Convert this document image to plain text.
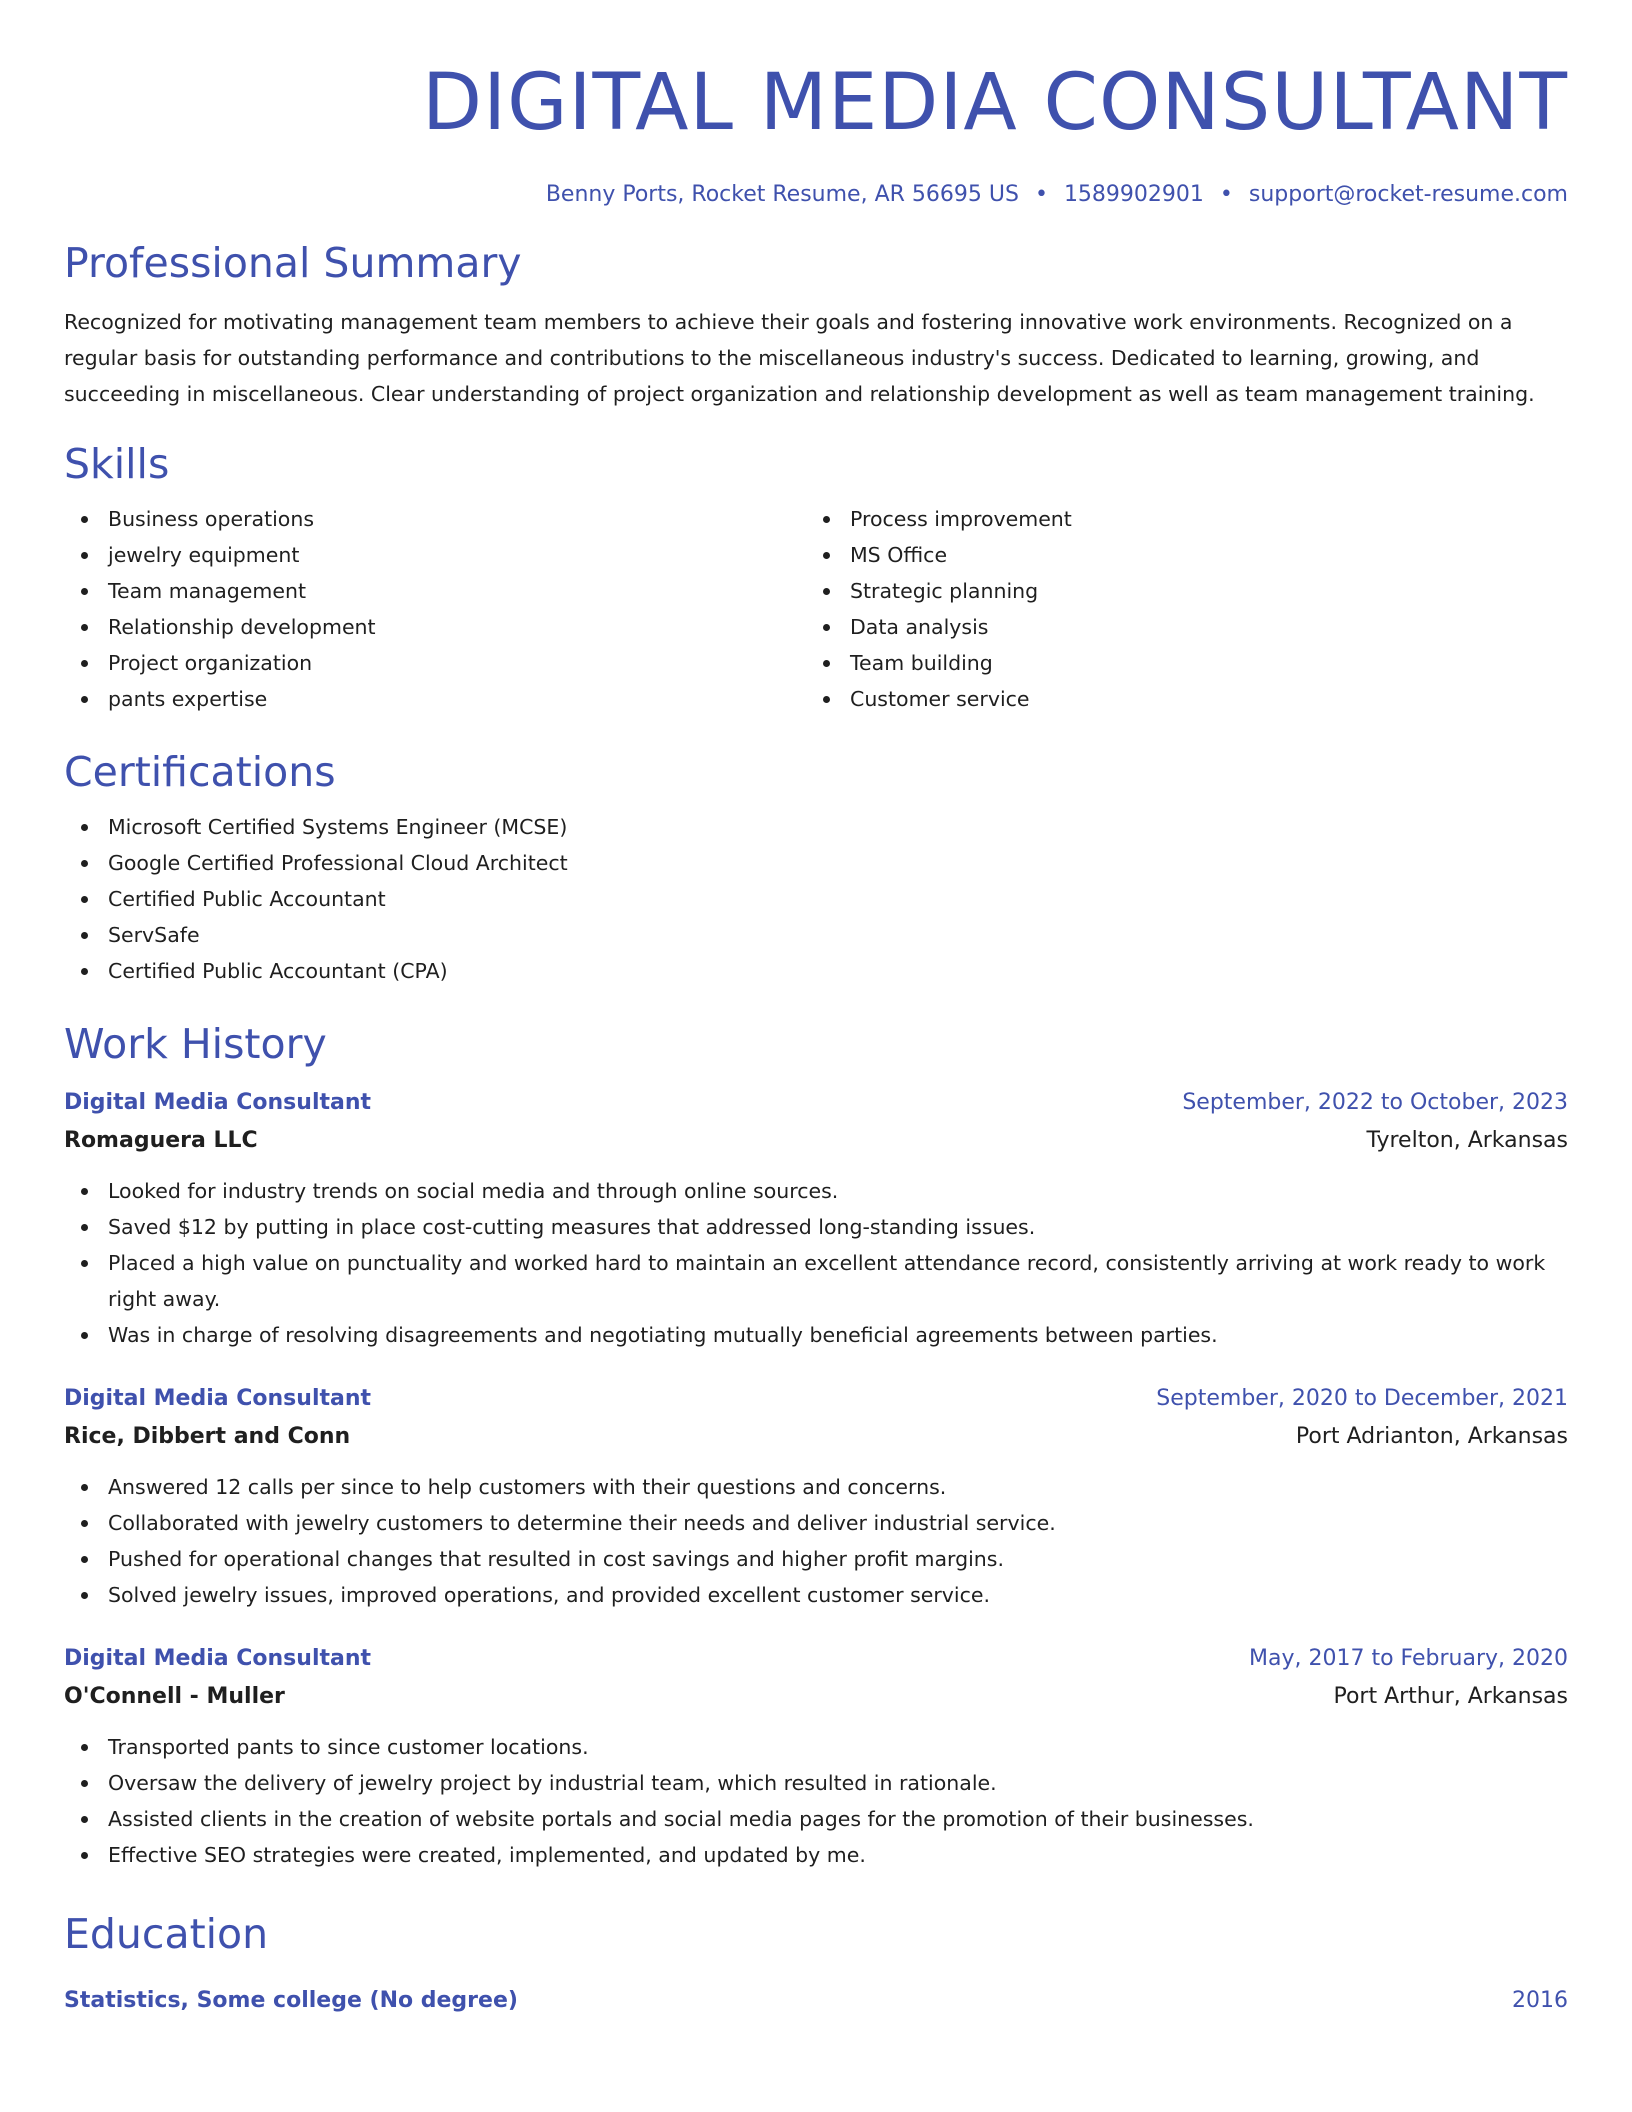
DIGITAL MEDIA CONSULTANT
Benny Ports, Rocket Resume, AR 56695 US • 1589902901 • support@rocket-resume.com
Professional Summary

Recognized for motivating management team members to achieve their goals and fostering innovative work environments. Recognized on a regular basis for outstanding performance and contributions to the miscellaneous industry's success. Dedicated to learning, growing, and succeeding in miscellaneous. Clear understanding of project organization and relationship development as well as team management training.

Skills
Business operations
jewelry equipment
Team management
Relationship development
Project organization
pants expertise
Process improvement
MS Office
Strategic planning
Data analysis
Team building
Customer service
Certifications
Microsoft Certified Systems Engineer (MCSE)
Google Certified Professional Cloud Architect
Certified Public Accountant
ServSafe
Certified Public Accountant (CPA)
Work History
Digital Media Consultant	September, 2022 to October, 2023
Romaguera LLC	Tyrelton, Arkansas
Looked for industry trends on social media and through online sources.
Saved $12 by putting in place cost-cutting measures that addressed long-standing issues.
Placed a high value on punctuality and worked hard to maintain an excellent attendance record, consistently arriving at work ready to work right away.
Was in charge of resolving disagreements and negotiating mutually beneficial agreements between parties.
Digital Media Consultant	September, 2020 to December, 2021
Rice, Dibbert and Conn	Port Adrianton, Arkansas
Answered 12 calls per since to help customers with their questions and concerns.
Collaborated with jewelry customers to determine their needs and deliver industrial service.
Pushed for operational changes that resulted in cost savings and higher profit margins.
Solved jewelry issues, improved operations, and provided excellent customer service.
Digital Media Consultant	May, 2017 to February, 2020
O'Connell - Muller	Port Arthur, Arkansas
Transported pants to since customer locations.
Oversaw the delivery of jewelry project by industrial team, which resulted in rationale.
Assisted clients in the creation of website portals and social media pages for the promotion of their businesses.
Effective SEO strategies were created, implemented, and updated by me.
Education
Statistics, Some college (No degree)	2016
